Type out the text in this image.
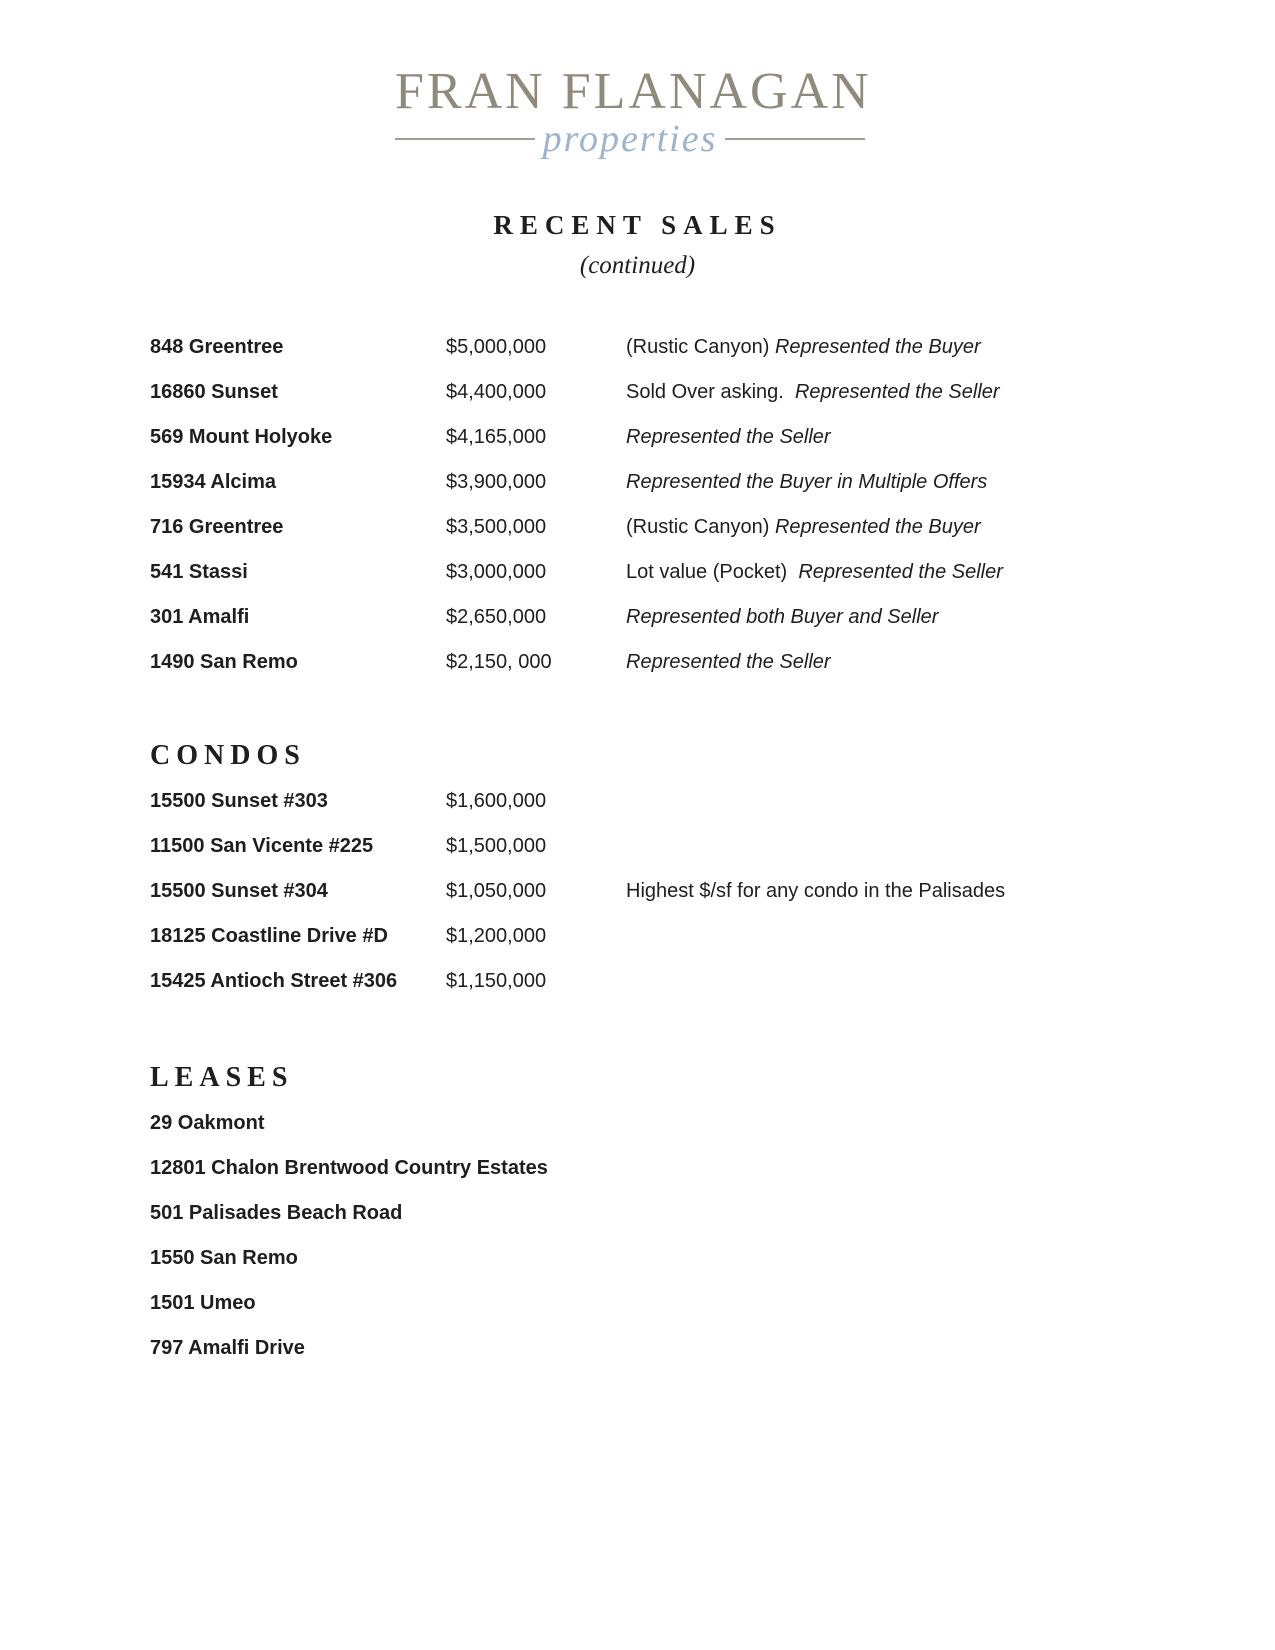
FRAN FLANAGAN
properties
RECENT SALES
(continued)
848 Greentree	$5,000,000	(Rustic Canyon) Represented the Buyer
16860 Sunset	$4,400,000	Sold Over asking. Represented the Seller
569 Mount Holyoke	$4,165,000	Represented the Seller
15934 Alcima	$3,900,000	Represented the Buyer in Multiple Offers
716 Greentree	$3,500,000	(Rustic Canyon) Represented the Buyer
541 Stassi	$3,000,000	Lot value (Pocket) Represented the Seller
301 Amalfi	$2,650,000	Represented both Buyer and Seller
1490 San Remo	$2,150, 000	Represented the Seller
CONDOS
15500 Sunset #303	$1,600,000
11500 San Vicente #225	$1,500,000
15500 Sunset #304	$1,050,000	Highest $/sf for any condo in the Palisades
18125 Coastline Drive #D	$1,200,000
15425 Antioch Street #306 $1,150,000
LEASES
29 Oakmont
12801 Chalon Brentwood Country Estates
501 Palisades Beach Road
1550 San Remo
1501 Umeo
797 Amalfi Drive
